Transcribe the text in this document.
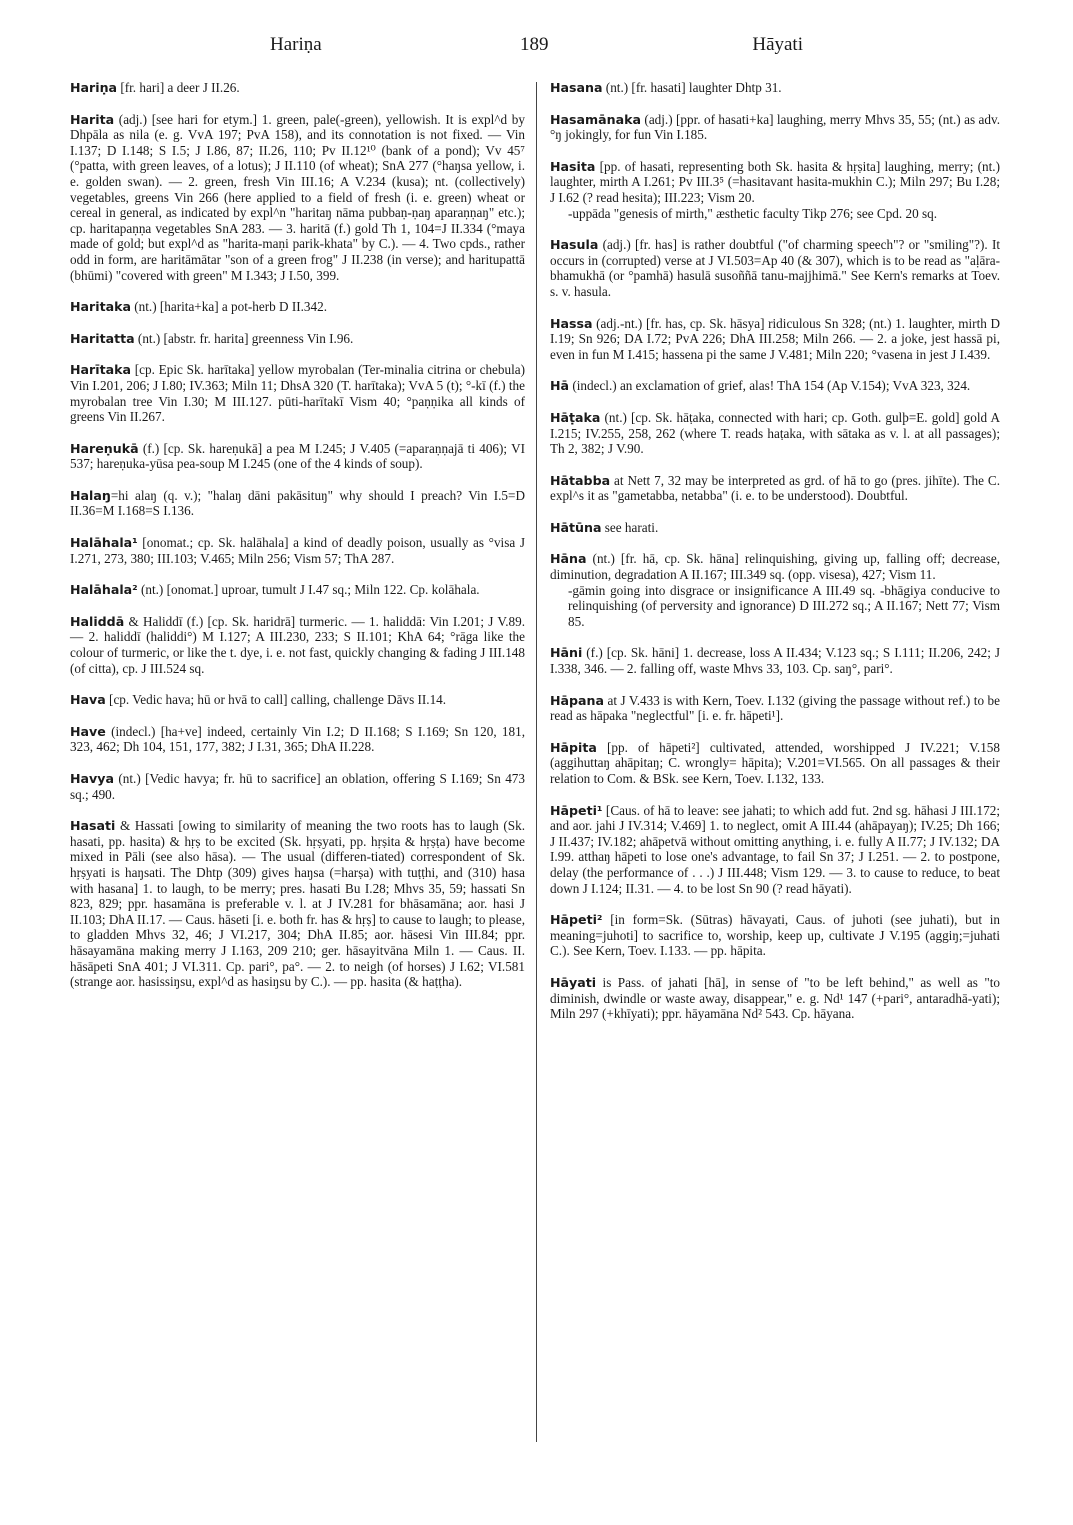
Hariṇa	189	Hāyati
Hariṇa [fr. hari] a deer J II.26.
Harita (adj.) [see hari for etym.] 1. green, pale(-green), yellowish. It is expl^d by Dhpāla as nila (e. g. VvA 197; PvA 158), and its connotation is not fixed. — Vin I.137; D I.148; S I.5; J I.86, 87; II.26, 110; Pv II.12¹⁰ (bank of a pond); Vv 45⁷ (°patta, with green leaves, of a lotus); J II.110 (of wheat); SnA 277 (°haŋsa yellow, i. e. golden swan). — 2. green, fresh Vin III.16; A V.234 (kusa); nt. (collectively) vegetables, greens Vin 266 (here applied to a field of fresh (i. e. green) wheat or cereal in general, as indicated by expl^n "haritaŋ nāma pubbaṇ-ṇaŋ aparaṇṇaŋ" etc.); cp. haritapaṇṇa vegetables SnA 283. — 3. haritā (f.) gold Th 1, 104=J II.334 (°maya made of gold; but expl^d as "harita-maṇi parik-khata" by C.). — 4. Two cpds., rather odd in form, are haritāmātar "son of a green frog" J II.238 (in verse); and haritupattā (bhūmi) "covered with green" M I.343; J I.50, 399.
Haritaka (nt.) [harita+ka] a pot-herb D II.342.
Haritatta (nt.) [abstr. fr. harita] greenness Vin I.96.
Harītaka [cp. Epic Sk. harītaka] yellow myrobalan (Ter-minalia citrina or chebula) Vin I.201, 206; J I.80; IV.363; Miln 11; DhsA 320 (T. harītaka); VvA 5 (t); °-kī (f.) the myrobalan tree Vin I.30; M III.127. pūti-harītakī Vism 40; °paṇṇika all kinds of greens Vin II.267.
Hareṇukā (f.) [cp. Sk. hareṇukā] a pea M I.245; J V.405 (=aparaṇṇajā ti 406); VI 537; hareṇuka-yūsa pea-soup M I.245 (one of the 4 kinds of soup).
Halaŋ=hi alaŋ (q. v.); "halaŋ dāni pakāsituŋ" why should I preach? Vin I.5=D II.36=M I.168=S I.136.
Halāhala¹ [onomat.; cp. Sk. halāhala] a kind of deadly poison, usually as °visa J I.271, 273, 380; III.103; V.465; Miln 256; Vism 57; ThA 287.
Halāhala² (nt.) [onomat.] uproar, tumult J I.47 sq.; Miln 122. Cp. kolāhala.
Haliddā & Haliddī (f.) [cp. Sk. haridrā] turmeric. — 1. haliddā: Vin I.201; J V.89. — 2. haliddī (haliddi°) M I.127; A III.230, 233; S II.101; KhA 64; °rāga like the colour of turmeric, or like the t. dye, i. e. not fast, quickly changing & fading J III.148 (of citta), cp. J III.524 sq.
Hava [cp. Vedic hava; hū or hvā to call] calling, challenge Dāvs II.14.
Have (indecl.) [ha+ve] indeed, certainly Vin I.2; D II.168; S I.169; Sn 120, 181, 323, 462; Dh 104, 151, 177, 382; J I.31, 365; DhA II.228.
Havya (nt.) [Vedic havya; fr. hū to sacrifice] an oblation, offering S I.169; Sn 473 sq.; 490.
Hasati & Hassati [owing to similarity of meaning the two roots has to laugh (Sk. hasati, pp. hasita) & hṛṣ to be excited (Sk. hṛṣyati, pp. hṛṣita & hṛṣṭa) have become mixed in Pāli (see also hāsa). — The usual (differen-tiated) correspondent of Sk. hṛṣyati is haŋsati. The Dhtp (309) gives haŋsa (=harṣa) with tuṭṭhi, and (310) hasa with hasana] 1. to laugh, to be merry; pres. hasati Bu I.28; Mhvs 35, 59; hassati Sn 823, 829; ppr. hasamāna is preferable v. l. at J IV.281 for bhāsamāna; aor. hasi J II.103; DhA II.17. — Caus. hāseti [i. e. both fr. has & hṛṣ] to cause to laugh; to please, to gladden Mhvs 32, 46; J VI.217, 304; DhA II.85; aor. hāsesi Vin III.84; ppr. hāsayamāna making merry J I.163, 209 210; ger. hāsayitvāna Miln 1. — Caus. II. hāsāpeti SnA 401; J VI.311. Cp. pari°, pa°. — 2. to neigh (of horses) J I.62; VI.581 (strange aor. hasissiŋsu, expl^d as hasiŋsu by C.). — pp. hasita (& haṭṭha).
Hasana (nt.) [fr. hasati] laughter Dhtp 31.
Hasamānaka (adj.) [ppr. of hasati+ka] laughing, merry Mhvs 35, 55; (nt.) as adv. °ŋ jokingly, for fun Vin I.185.
Hasita [pp. of hasati, representing both Sk. hasita & hṛṣita] laughing, merry; (nt.) laughter, mirth A I.261; Pv III.3⁵ (=hasitavant hasita-mukhin C.); Miln 297; Bu I.28; J I.62 (? read hesita); III.223; Vism 20.
-uppāda "genesis of mirth," æsthetic faculty Tikp 276; see Cpd. 20 sq.
Hasula (adj.) [fr. has] is rather doubtful ("of charming speech"? or "smiling"?). It occurs in (corrupted) verse at J VI.503=Ap 40 (& 307), which is to be read as "aḷāra-bhamukhā (or °pamhā) hasulā susoññā tanu-majjhimā." See Kern's remarks at Toev. s. v. hasula.
Hassa (adj.-nt.) [fr. has, cp. Sk. hāsya] ridiculous Sn 328; (nt.) 1. laughter, mirth D I.19; Sn 926; DA I.72; PvA 226; DhA III.258; Miln 266. — 2. a joke, jest hassā pi, even in fun M I.415; hassena pi the same J V.481; Miln 220; °vasena in jest J I.439.
Hā (indecl.) an exclamation of grief, alas! ThA 154 (Ap V.154); VvA 323, 324.
Hāṭaka (nt.) [cp. Sk. hāṭaka, connected with hari; cp. Goth. gulþ=E. gold] gold A I.215; IV.255, 258, 262 (where T. reads haṭaka, with sātaka as v. l. at all passages); Th 2, 382; J V.90.
Hātabba at Nett 7, 32 may be interpreted as grd. of hā to go (pres. jihīte). The C. expl^s it as "gametabba, netabba" (i. e. to be understood). Doubtful.
Hātūna see harati.
Hāna (nt.) [fr. hā, cp. Sk. hāna] relinquishing, giving up, falling off; decrease, diminution, degradation A II.167; III.349 sq. (opp. visesa), 427; Vism 11.
-gāmin going into disgrace or insignificance A III.49 sq. -bhāgiya conducive to relinquishing (of perversity and ignorance) D III.272 sq.; A II.167; Nett 77; Vism 85.
Hāni (f.) [cp. Sk. hāni] 1. decrease, loss A II.434; V.123 sq.; S I.111; II.206, 242; J I.338, 346. — 2. falling off, waste Mhvs 33, 103. Cp. saŋ°, pari°.
Hāpana at J V.433 is with Kern, Toev. I.132 (giving the passage without ref.) to be read as hāpaka "neglectful" [i. e. fr. hāpeti¹].
Hāpita [pp. of hāpeti²] cultivated, attended, worshipped J IV.221; V.158 (aggihuttaŋ ahāpitaŋ; C. wrongly= hāpita); V.201=VI.565. On all passages & their relation to Com. & BSk. see Kern, Toev. I.132, 133.
Hāpeti¹ [Caus. of hā to leave: see jahati; to which add fut. 2nd sg. hāhasi J III.172; and aor. jahi J IV.314; V.469] 1. to neglect, omit A III.44 (ahāpayaŋ); IV.25; Dh 166; J II.437; IV.182; ahāpetvā without omitting anything, i. e. fully A II.77; J IV.132; DA I.99. atthaŋ hāpeti to lose one's advantage, to fail Sn 37; J I.251. — 2. to postpone, delay (the performance of . . .) J III.448; Vism 129. — 3. to cause to reduce, to beat down J I.124; II.31. — 4. to be lost Sn 90 (? read hāyati).
Hāpeti² [in form=Sk. (Sūtras) hāvayati, Caus. of juhoti (see juhati), but in meaning=juhoti] to sacrifice to, worship, keep up, cultivate J V.195 (aggiŋ;=juhati C.). See Kern, Toev. I.133. — pp. hāpita.
Hāyati is Pass. of jahati [hā], in sense of "to be left behind," as well as "to diminish, dwindle or waste away, disappear," e. g. Nd¹ 147 (+pari°, antaradhā-yati); Miln 297 (+khīyati); ppr. hāyamāna Nd² 543. Cp. hāyana.
